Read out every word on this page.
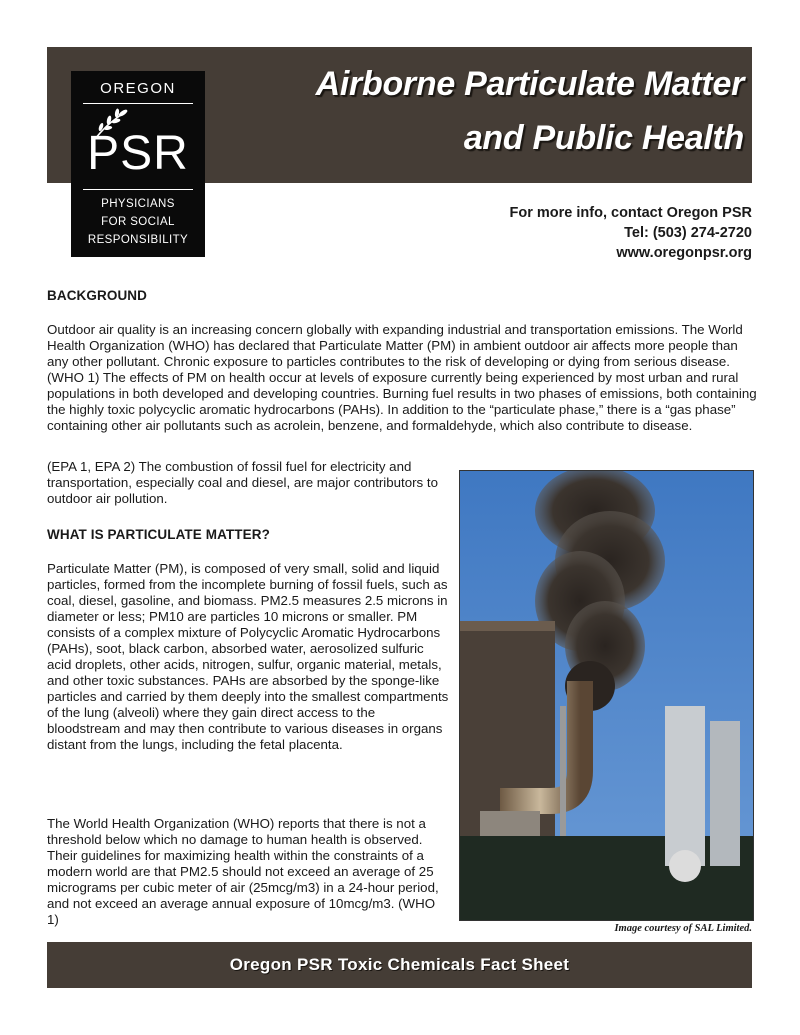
Airborne Particulate Matter
and Public Health
OREGON
PSR
PHYSICIANS
FOR SOCIAL
RESPONSIBILITY
For more info, contact Oregon PSR
Tel: (503) 274-2720
www.oregonpsr.org
BACKGROUND

Outdoor air quality is an increasing concern globally with expanding industrial and transportation emissions. The World Health Organization (WHO) has declared that Particulate Matter (PM) in ambient outdoor air affects more people than any other pollutant. Chronic exposure to particles contributes to the risk of developing or dying from serious disease. (WHO 1) The effects of PM on health occur at levels of exposure currently being experienced by most urban and rural populations in both developed and developing countries. Burning fuel results in two phases of emissions, both containing the highly toxic polycyclic aromatic hydrocarbons (PAHs). In addition to the “particulate phase,” there is a “gas phase” containing other air pollutants such as acrolein, benzene, and formaldehyde, which also contribute to disease.

(EPA 1, EPA 2) The combustion of fossil fuel for electricity and transportation, especially coal and diesel, are major contributors to outdoor air pollution.

WHAT IS PARTICULATE MATTER?

Particulate Matter (PM), is composed of very small, solid and liquid particles, formed from the incomplete burning of fossil fuels, such as coal, diesel, gasoline, and biomass. PM2.5 measures 2.5 microns in diameter or less; PM10 are particles 10 microns or smaller. PM consists of a complex mixture of Polycyclic Aromatic Hydrocarbons (PAHs), soot, black carbon, absorbed water, aerosolized sulfuric acid droplets, other acids, nitrogen, sulfur, organic material, metals, and other toxic substances. PAHs are absorbed by the sponge-like particles and carried by them deeply into the smallest compartments of the lung (alveoli) where they gain direct access to the bloodstream and may then contribute to various diseases in organs distant from the lungs, including the fetal placenta.

The World Health Organization (WHO) reports that there is not a threshold below which no damage to human health is observed. Their guidelines for maximizing health within the constraints of a modern world are that PM2.5 should not exceed an average of 25 micrograms per cubic meter of air (25mcg/m3) in a 24-hour period, and not exceed an average annual exposure of 10mcg/m3. (WHO 1)

Image courtesy of SAL Limited.
Oregon PSR Toxic Chemicals Fact Sheet
